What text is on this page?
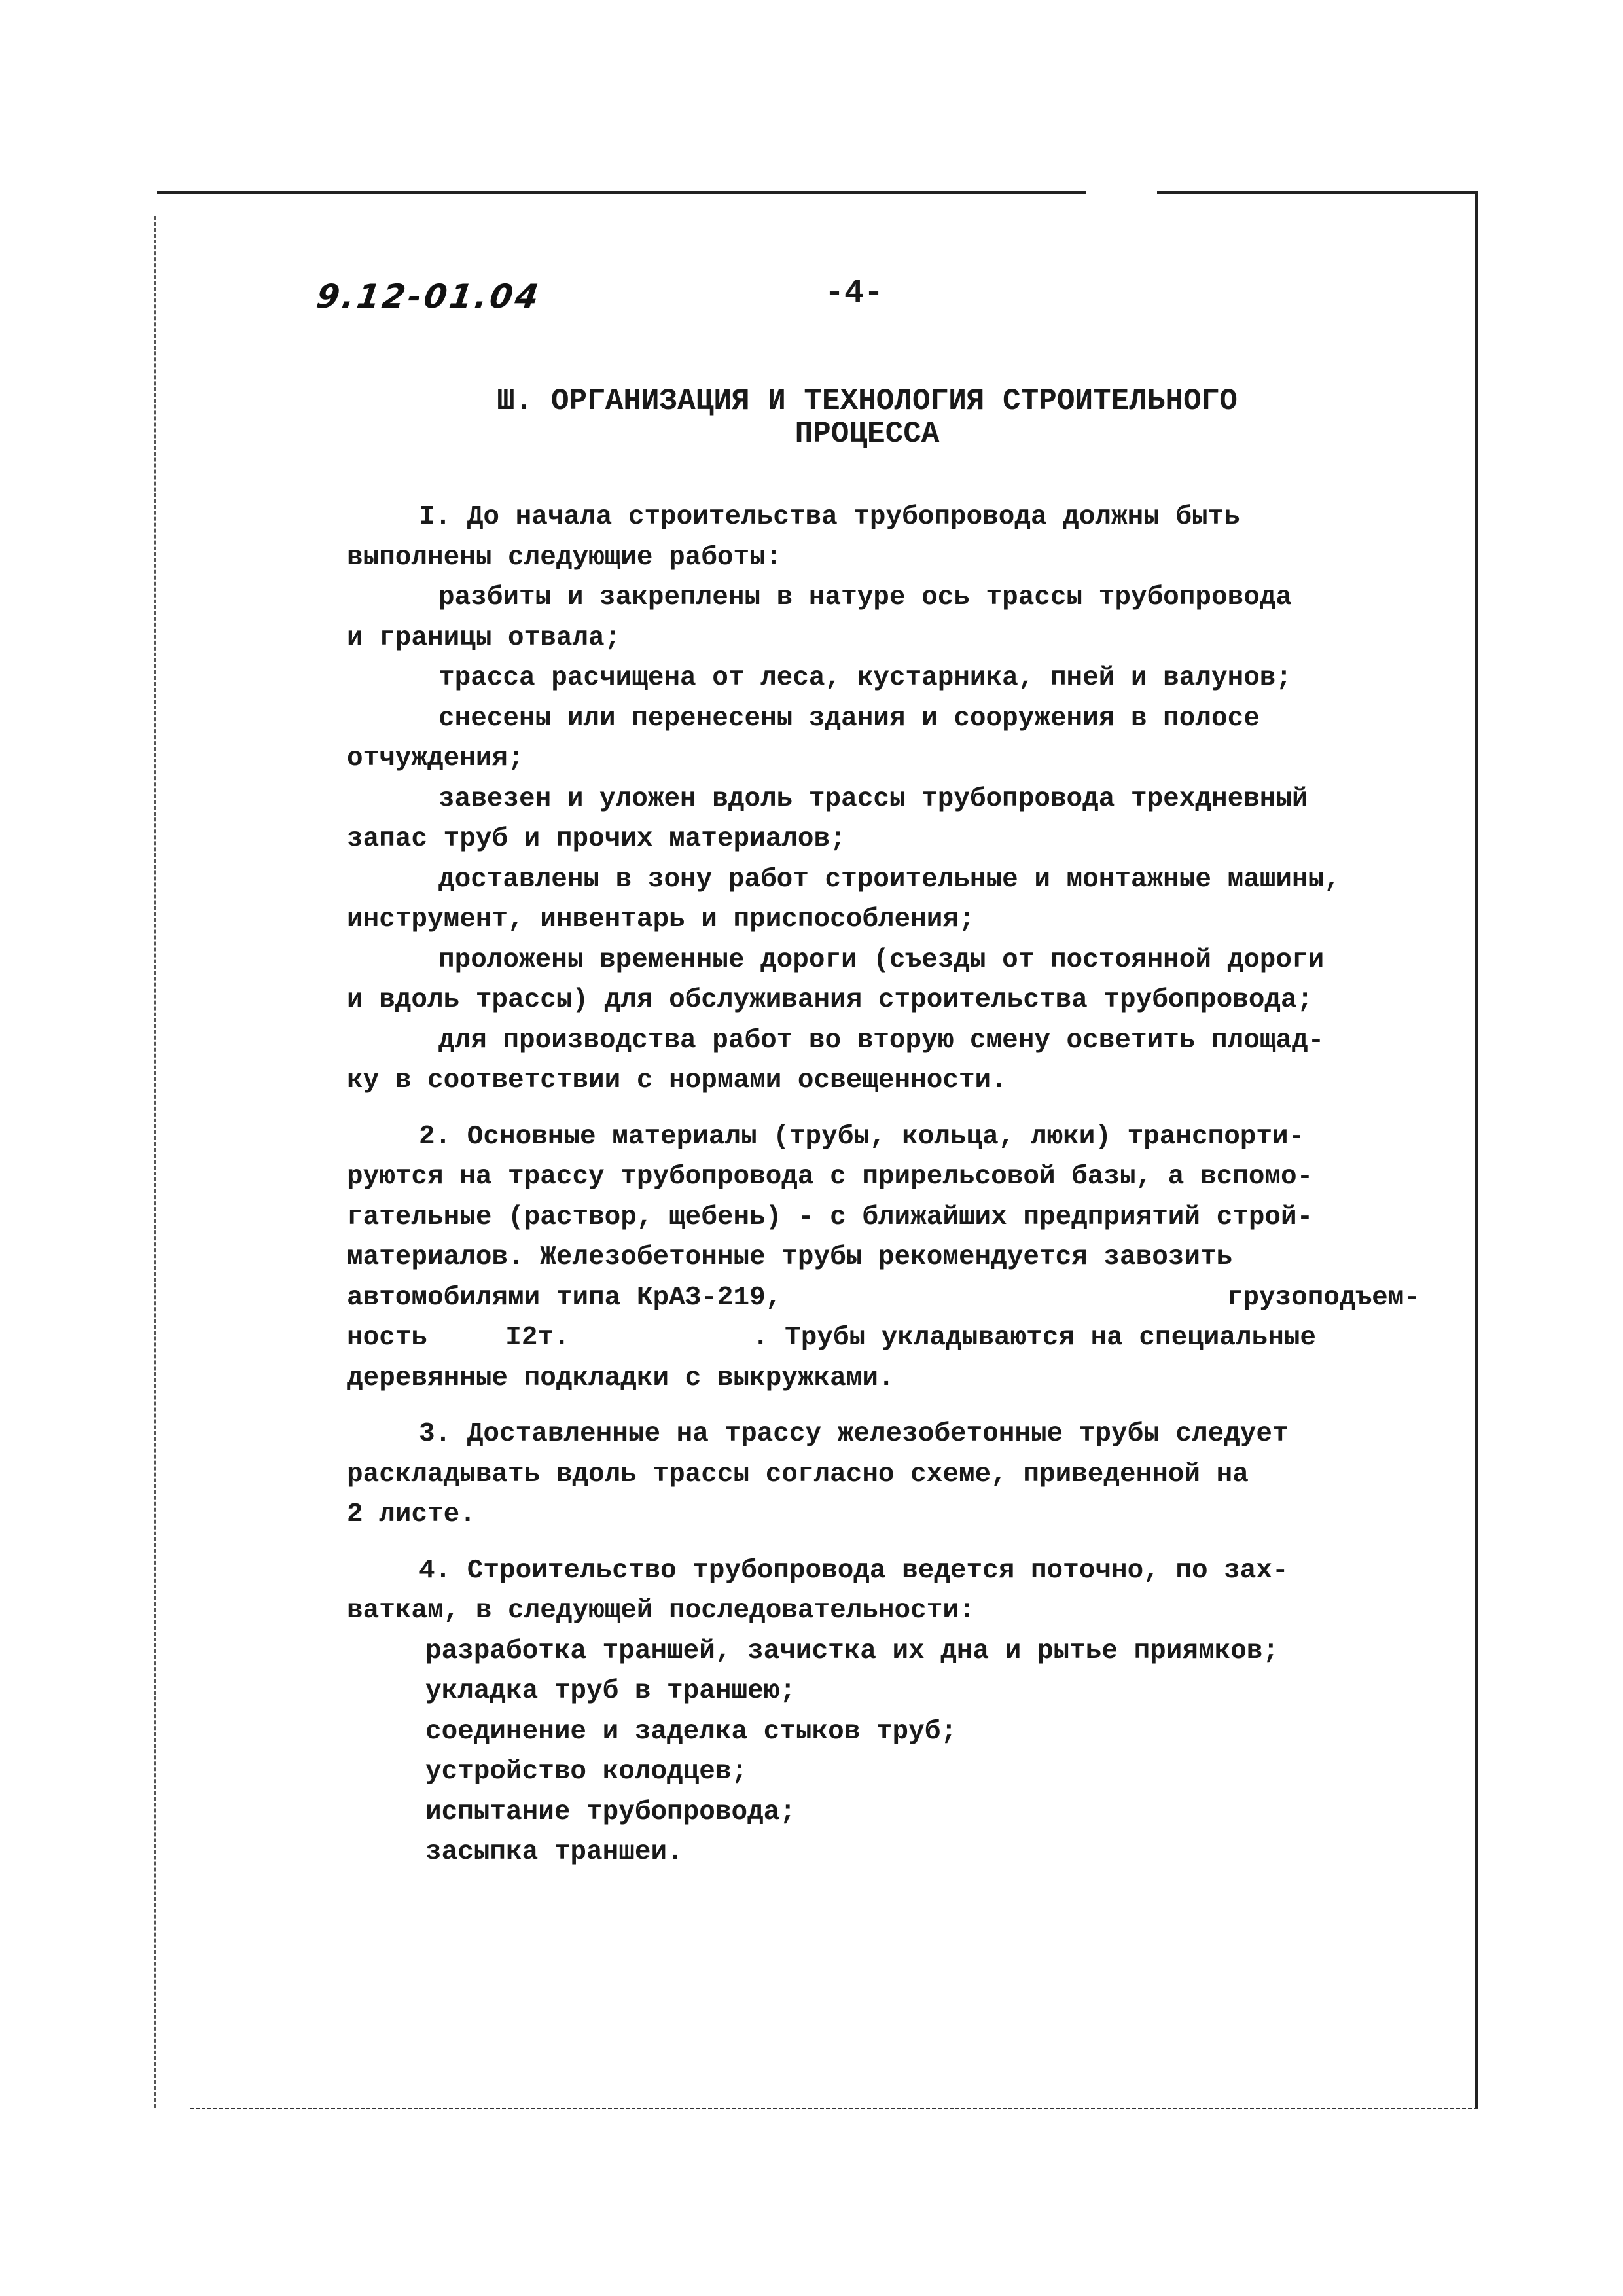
9.12-01.04	-4-
Ш. ОРГАНИЗАЦИЯ И ТЕХНОЛОГИЯ СТРОИТЕЛЬНОГО
ПРОЦЕССА

I. До начала строительства трубопровода должны быть

выполнены следующие работы:

разбиты и закреплены в натуре ось трассы трубопровода

и границы отвала;

трасса расчищена от леса, кустарника, пней и валунов;

снесены или перенесены здания и сооружения в полосе

отчуждения;

завезен и уложен вдоль трассы трубопровода трехдневный

запас труб и прочих материалов;

доставлены в зону работ строительные и монтажные машины,

инструмент, инвентарь и приспособления;

проложены временные дороги (съезды от постоянной дороги

и вдоль трассы) для обслуживания строительства трубопровода;

для производства работ во вторую смену осветить площад-

ку в соответствии с нормами освещенности.

2. Основные материалы (трубы, кольца, люки) транспорти-

руются на трассу трубопровода с прирельсовой базы, а вспомо-

гательные (раствор, щебень) - с ближайших предприятий строй-

материалов. Железобетонные трубы рекомендуется завозить

автомобилями типа КрАЗ-219,	грузоподъем-
ность	I2т.	. Трубы укладываются на специальные

деревянные подкладки с выкружками.

3. Доставленные на трассу железобетонные трубы следует

раскладывать вдоль трассы согласно схеме, приведенной на

2 листе.

4. Строительство трубопровода ведется поточно, по зах-

ваткам, в следующей последовательности:

разработка траншей, зачистка их дна и рытье приямков;

укладка труб в траншею;

соединение и заделка стыков труб;

устройство колодцев;

испытание трубопровода;

засыпка траншеи.
